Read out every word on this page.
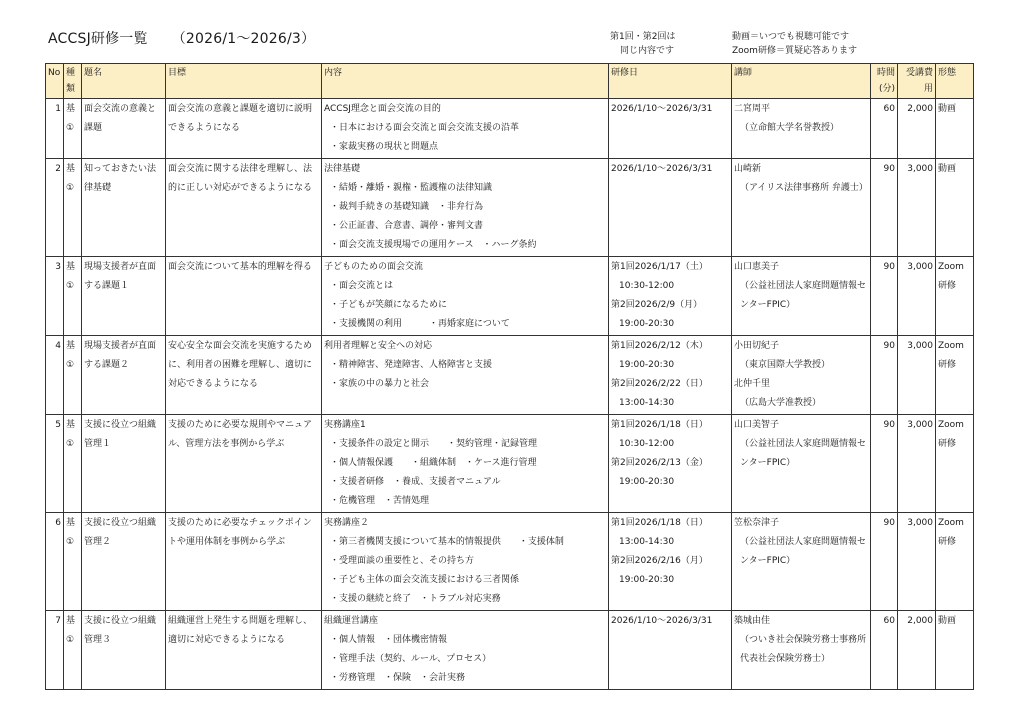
ACCSJ研修一覧 （2026/1〜2026/3）	第1回・第2回は
同じ内容です
動画＝いつでも視聴可能です
Zoom研修＝質疑応答あります
No	種類	題名	目標	内容	研修日	講師	時間(分)	受講費用	形態
1	基①	面会交流の意義と課題	面会交流の意義と課題を適切に説明できるようになる	ACCSJ理念と面会交流の目的
・日本における面会交流と面会交流支援の沿革
・家裁実務の現状と問題点	2026/1/10〜2026/3/31	二宮周平
（立命館大学名誉教授）	60	2,000	動画
2	基①	知っておきたい法律基礎	面会交流に関する法律を理解し、法的に正しい対応ができるようになる	法律基礎
・結婚・離婚・親権・監護権の法律知識
・裁判手続きの基礎知識　・非弁行為
・公正証書、合意書、調停・審判文書
・面会交流支援現場での運用ケース　・ハーグ条約	2026/1/10〜2026/3/31	山崎新
（アイリス法律事務所 弁護士）	90	3,000	動画
3	基①	現場支援者が直面する課題１	面会交流について基本的理解を得る	子どものための面会交流
・面会交流とは
・子どもが笑顔になるために
・支援機関の利用　　　・再婚家庭について	第1回2026/1/17（土）
10:30-12:00
第2回2026/2/9（月）
19:00-20:30	山口恵美子
（公益社団法人家庭問題情報センターFPIC）	90	3,000	Zoom研修
4	基①	現場支援者が直面する課題２	安心安全な面会交流を実施するために、利用者の困難を理解し、適切に対応できるようになる	利用者理解と安全への対応
・精神障害、発達障害、人格障害と支援
・家族の中の暴力と社会	第1回2026/2/12（木）
19:00-20:30
第2回2026/2/22（日）
13:00-14:30	小田切紀子
（東京国際大学教授）
北仲千里
（広島大学准教授）	90	3,000	Zoom研修
5	基①	支援に役立つ組織管理１	支援のために必要な規則やマニュアル、管理方法を事例から学ぶ	実務講座1
・支援条件の設定と開示　　・契約管理・記録管理
・個人情報保護　　・組織体制　・ケース進行管理
・支援者研修　・養成、支援者マニュアル
・危機管理　・苦情処理	第1回2026/1/18（日）
10:30-12:00
第2回2026/2/13（金）
19:00-20:30	山口美智子
（公益社団法人家庭問題情報センターFPIC）	90	3,000	Zoom研修
6	基①	支援に役立つ組織管理２	支援のために必要なチェックポイントや運用体制を事例から学ぶ	実務講座２
・第三者機関支援について基本的情報提供　　・支援体制
・受理面談の重要性と、その持ち方
・子ども主体の面会交流支援における三者関係
・支援の継続と終了　・トラブル対応実務	第1回2026/1/18（日）
13:00-14:30
第2回2026/2/16（月）
19:00-20:30	笠松奈津子
（公益社団法人家庭問題情報センターFPIC）	90	3,000	Zoom研修
7	基①	支援に役立つ組織管理３	組織運営上発生する問題を理解し、適切に対応できるようになる	組織運営講座
・個人情報　・団体機密情報
・管理手法（契約、ルール、プロセス）
・労務管理　・保険　・会計実務	2026/1/10〜2026/3/31	築城由佳
（ついき社会保険労務士事務所　代表社会保険労務士）	60	2,000	動画
